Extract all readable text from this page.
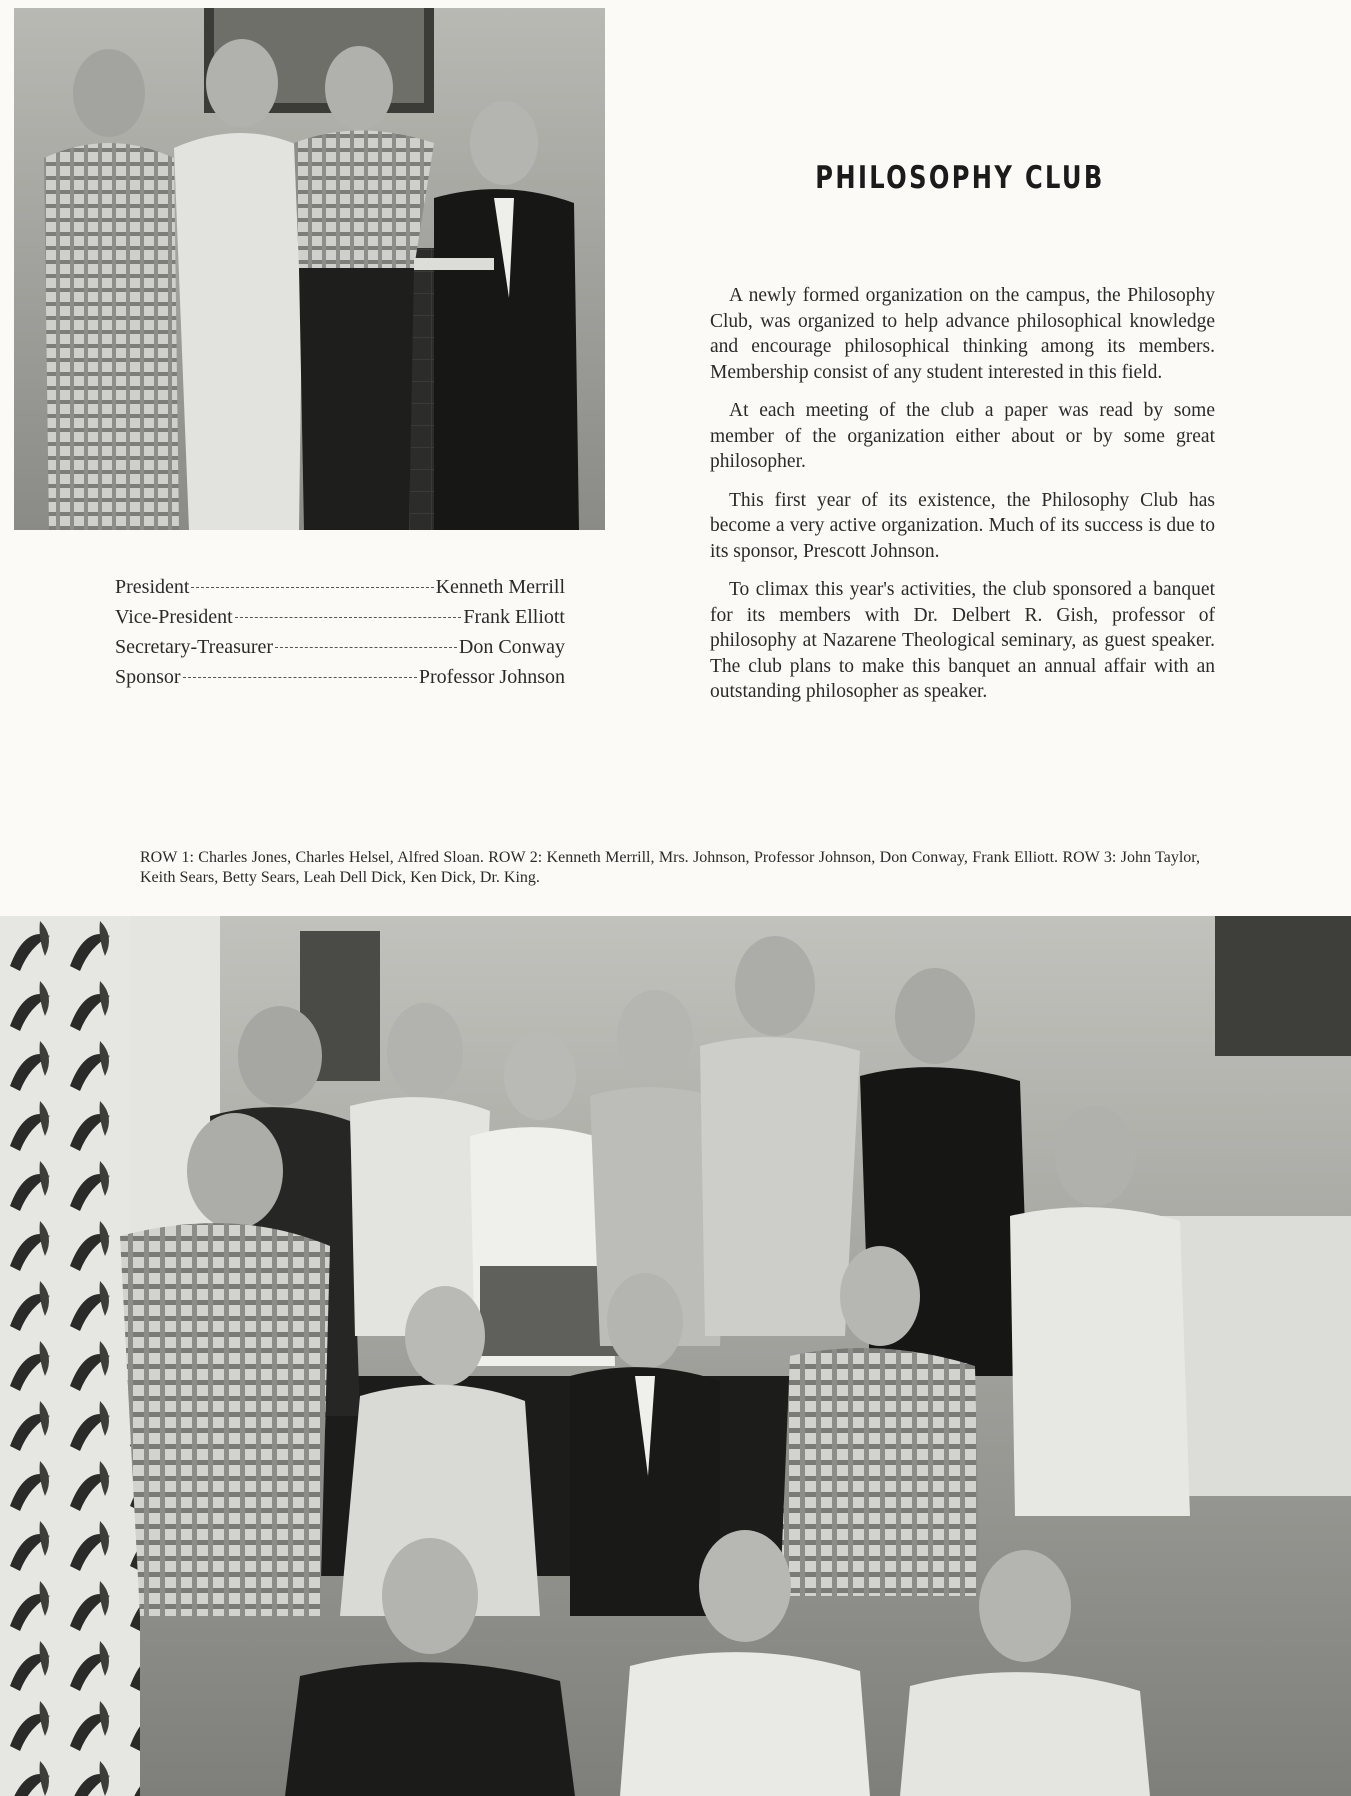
PHILOSOPHY CLUB

A newly formed organization on the campus, the Philosophy Club, was organized to help advance philosophical knowledge and encourage philosophical thinking among its members. Membership consist of any student interested in this field.

At each meeting of the club a paper was read by some member of the organization either about or by some great philosopher.

This first year of its existence, the Philosophy Club has become a very active organization. Much of its success is due to its sponsor, Prescott Johnson.

To climax this year's activities, the club sponsored a banquet for its members with Dr. Delbert R. Gish, professor of philosophy at Nazarene Theological seminary, as guest speaker. The club plans to make this banquet an annual affair with an outstanding philosopher as speaker.

President	Kenneth Merrill
Vice-President	Frank Elliott
Secretary-Treasurer	Don Conway
Sponsor	Professor Johnson
ROW 1: Charles Jones, Charles Helsel, Alfred Sloan. ROW 2: Kenneth Merrill, Mrs. Johnson, Professor Johnson, Don Conway, Frank Elliott. ROW 3: John Taylor, Keith Sears, Betty Sears, Leah Dell Dick, Ken Dick, Dr. King.
